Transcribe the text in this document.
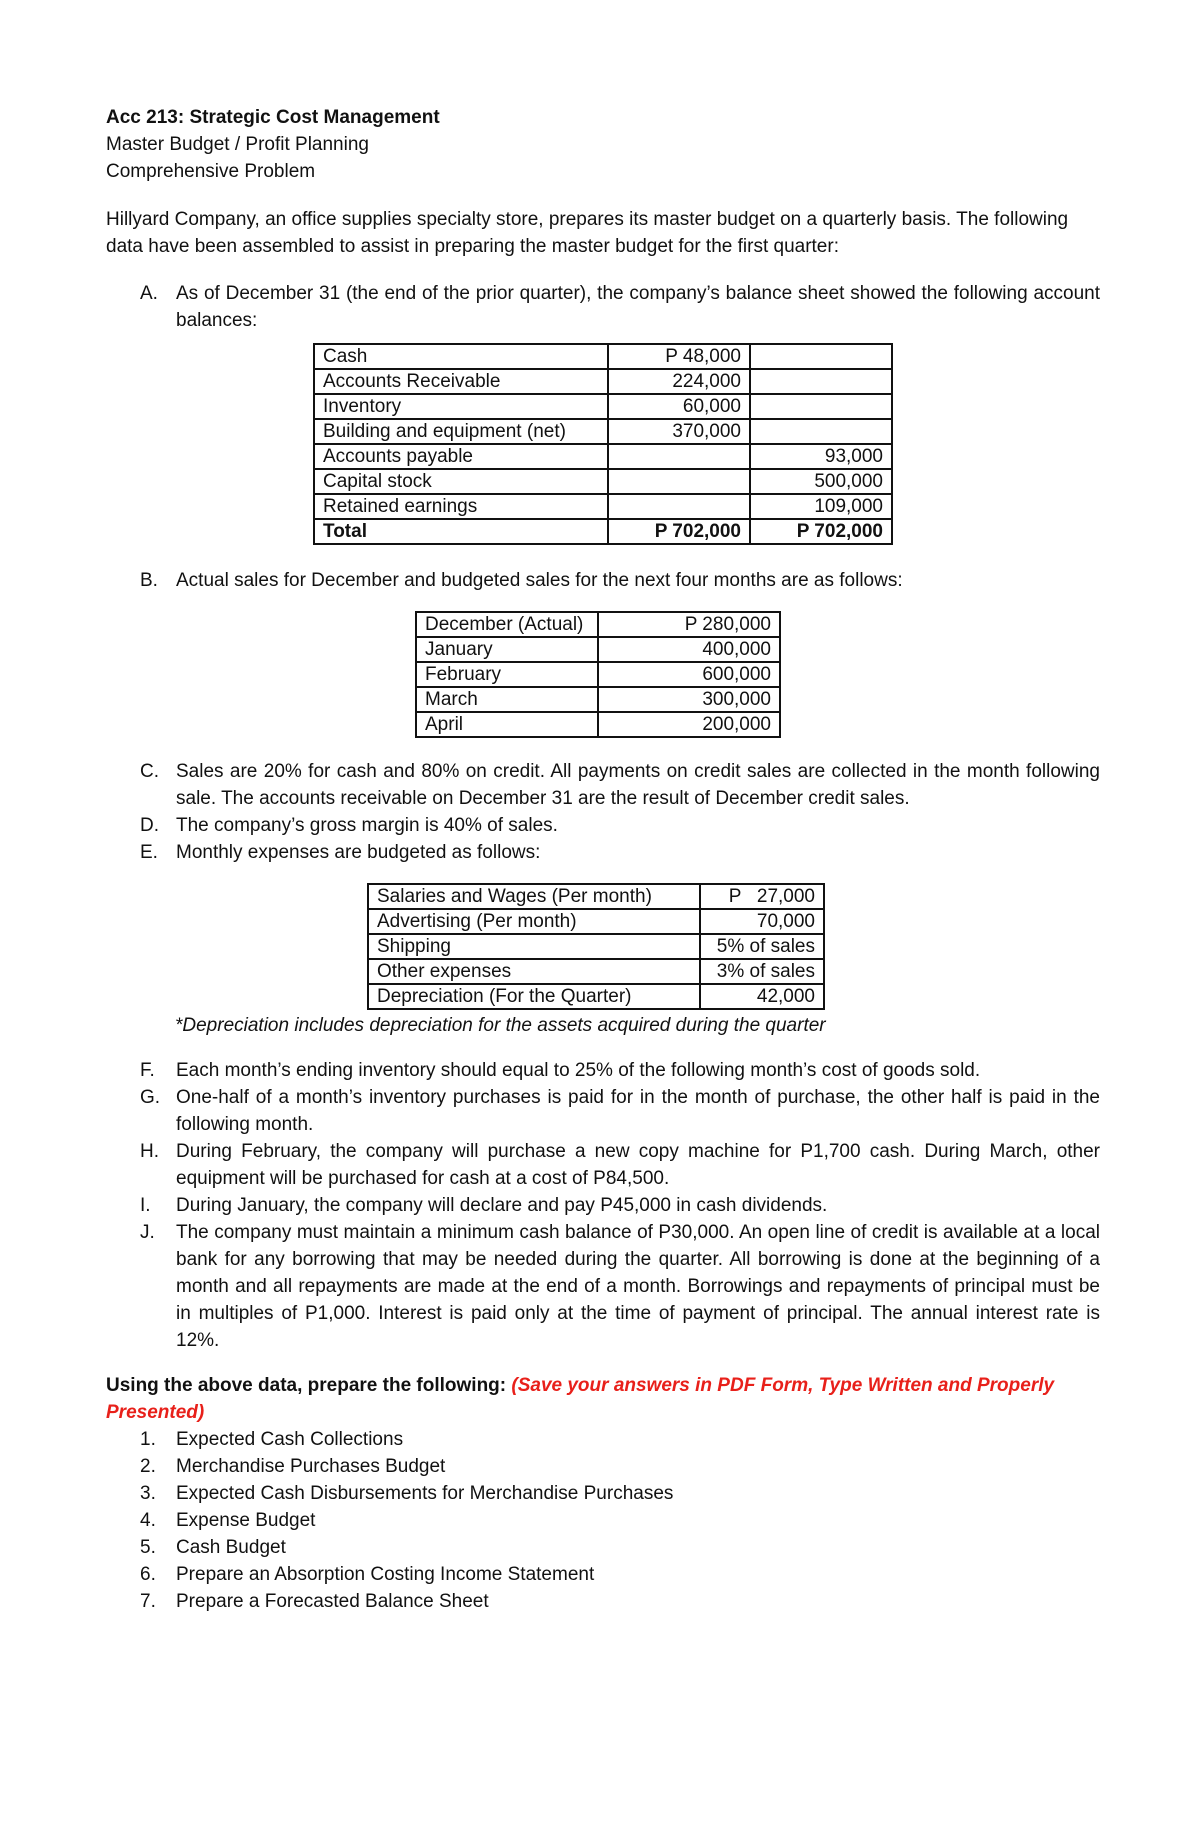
Acc 213: Strategic Cost Management
Master Budget / Profit Planning
Comprehensive Problem
Hillyard Company, an office supplies specialty store, prepares its master budget on a quarterly basis. The following data have been assembled to assist in preparing the master budget for the first quarter:
A. As of December 31 (the end of the prior quarter), the company’s balance sheet showed the following account balances:
Cash	P 48,000	
Accounts Receivable	224,000	
Inventory	60,000	
Building and equipment (net)	370,000	
Accounts payable		93,000
Capital stock		500,000
Retained earnings		109,000
Total	P 702,000	P 702,000
B. Actual sales for December and budgeted sales for the next four months are as follows:
December (Actual)	P 280,000
January	400,000
February	600,000
March	300,000
April	200,000
C. Sales are 20% for cash and 80% on credit. All payments on credit sales are collected in the month following sale. The accounts receivable on December 31 are the result of December credit sales.
D. The company’s gross margin is 40% of sales.
E. Monthly expenses are budgeted as follows:
Salaries and Wages (Per month)	P   27,000
Advertising (Per month)	70,000
Shipping	5% of sales
Other expenses	3% of sales
Depreciation (For the Quarter)	42,000
*Depreciation includes depreciation for the assets acquired during the quarter
F.	Each month’s ending inventory should equal to 25% of the following month’s cost of goods sold.
G. One-half of a month’s inventory purchases is paid for in the month of purchase, the other half is paid in the following month.
H. During February, the company will purchase a new copy machine for P1,700 cash. During March, other equipment will be purchased for cash at a cost of P84,500.
I.	During January, the company will declare and pay P45,000 in cash dividends.
J.	The company must maintain a minimum cash balance of P30,000. An open line of credit is available at a local bank for any borrowing that may be needed during the quarter. All borrowing is done at the beginning of a month and all repayments are made at the end of a month. Borrowings and repayments of principal must be in multiples of P1,000. Interest is paid only at the time of payment of principal. The annual interest rate is 12%.
Using the above data, prepare the following: (Save your answers in PDF Form, Type Written and Properly Presented)
1.	Expected Cash Collections
2.	Merchandise Purchases Budget
3.	Expected Cash Disbursements for Merchandise Purchases
4.	Expense Budget
5.	Cash Budget
6.	Prepare an Absorption Costing Income Statement
7.	Prepare a Forecasted Balance Sheet
